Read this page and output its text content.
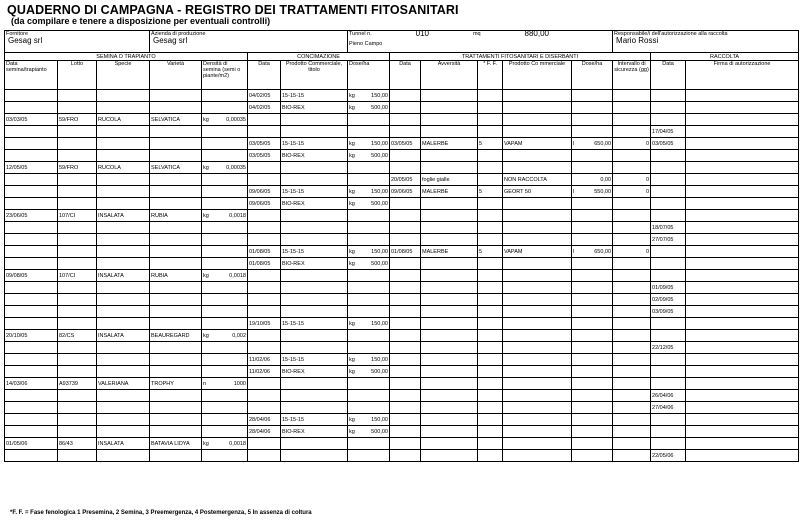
QUADERNO DI CAMPAGNA - REGISTRO DEI TRATTAMENTI FITOSANITARI
(da compilare e tenere a disposizione per eventuali controlli)
Fornitore
Gesag srl			Azienda di produzione
Gesag srl				Tunnel n. 010 mq 880,00
Pieno Campo						Responsabile/i dell'autorizzazione alla raccolta
Mario Rossi		

SEMINA O TRAPIANTO					CONCIMAZIONE			TRATTAMENTI FITOSANITARI E DISERBANTI						RACCOLTA	
Data semina/trapianto	Lotto	Specie	Varietà	Densità di semina (semi o piante/m2)	Data	Prodotto Commerciale, titolo	Dose/ha	Data	Avversità	* F. F.	Prodotto Co mmerciale	Dose/ha	Intervallo di sicurezza (gg)	Data	Firma di autorizzazione
					04/02/05	15-15-15	kg 150,00								

					04/02/05	BIO-REX	kg 500,00								

03/03/05	59/FRO	RUCOLA	SELVATICA	kg 0,00035											

														17/04/05	
					03/05/05	15-15-15	kg 150,00	03/05/05	MALERBE	5	VAPAM	l 650,00	0	03/05/05	
					03/05/05	BIO-REX	kg 500,00								

12/05/05	59/FRO	RUCOLA	SELVATICA	kg 0,00035											

								20/05/05	foglie gialle		NON RACCOLTA	0,00	0		
					09/06/05	15-15-15	kg 150,00	09/06/05	MALERBE	5	GEORT 50	l 550,00	0		
					09/06/05	BIO-REX	kg 500,00								

23/06/05	107/CI	INSALATA	RUBIA	kg 0,0018											

														18/07/05	
														27/07/05	
					01/08/05	15-15-15	kg 150,00	01/08/05	MALERBE	5	VAPAM	l 650,00	0		
					01/08/05	BIO-REX	kg 500,00								

09/08/05	107/CI	INSALATA	RUBIA	kg 0,0018											

														01/09/05	
														02/09/05	
														03/09/05	
					19/10/05	15-15-15	kg 150,00								

20/10/05	82/CS	INSALATA	BEAUREGARD	kg 0,002											

														22/12/05	
					11/02/06	15-15-15	kg 150,00								

					11/02/06	BIO-REX	kg 500,00								

14/03/06	A93739	VALERIANA	TROPHY	n 1000											

														26/04/06	
														27/04/06	
					28/04/06	15-15-15	kg 150,00								

					28/04/06	BIO-REX	kg 500,00								

01/05/06	86/43	INSALATA	BATAVIA LIDYA	kg 0,0018											

														22/05/06	
*F. F. = Fase fenologica 1 Presemina, 2 Semina, 3 Preemergenza, 4 Postemergenza, 5 In assenza di coltura
